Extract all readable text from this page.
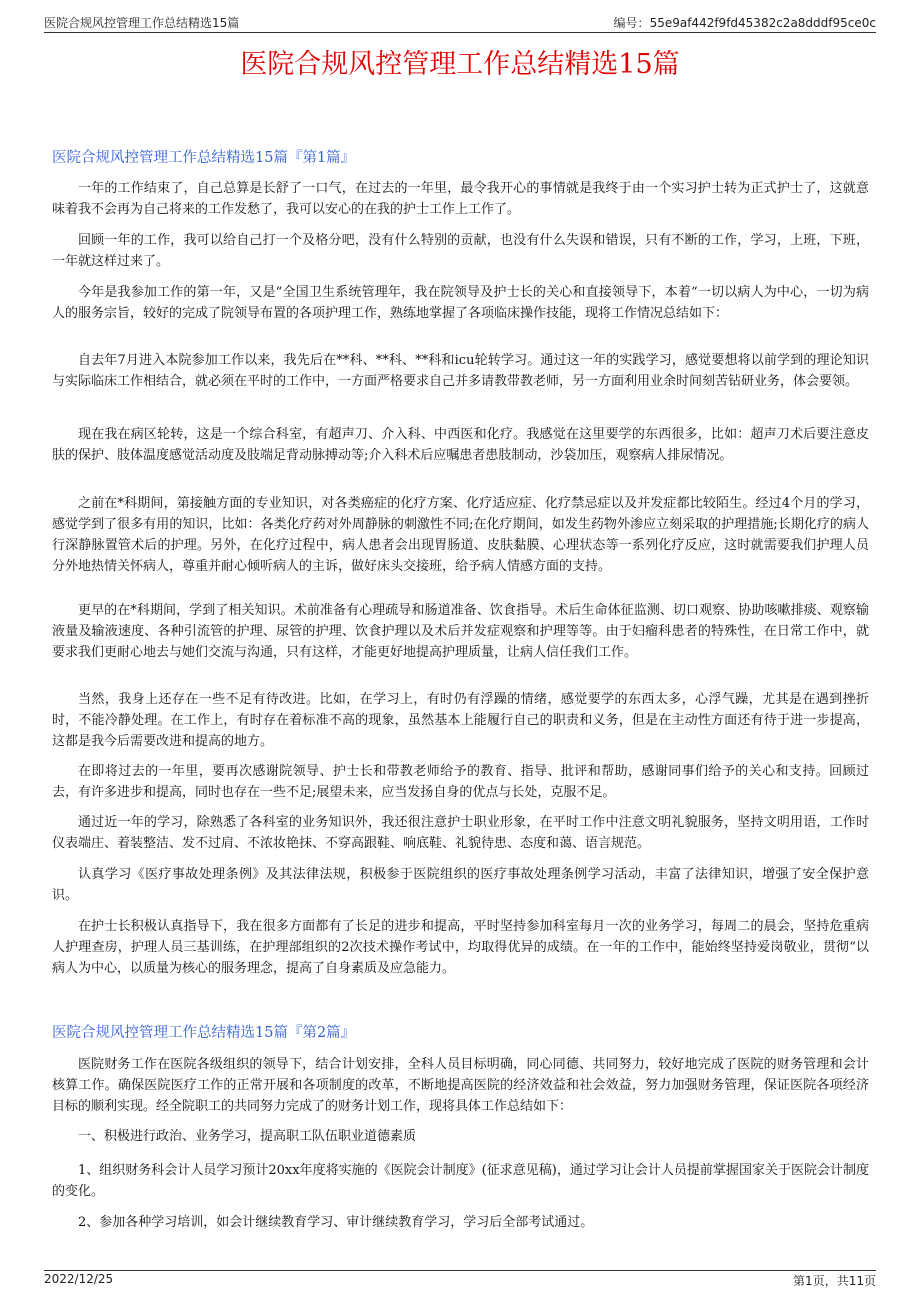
医院合规风控管理工作总结精选15篇	编号：55e9af442f9fd45382c2a8dddf95ce0c
医院合规风控管理工作总结精选15篇
医院合规风控管理工作总结精选15篇『第1篇』

一年的工作结束了，自己总算是长舒了一口气，在过去的一年里，最令我开心的事情就是我终于由一个实习护士转为正式护士了，这就意味着我不会再为自己将来的工作发愁了，我可以安心的在我的护士工作上工作了。

回顾一年的工作，我可以给自己打一个及格分吧，没有什么特别的贡献，也没有什么失误和错误，只有不断的工作，学习，上班，下班，一年就这样过来了。

今年是我参加工作的第一年，又是“全国卫生系统管理年，我在院领导及护士长的关心和直接领导下，本着“一切以病人为中心，一切为病人的服务宗旨，较好的完成了院领导布置的各项护理工作，熟练地掌握了各项临床操作技能，现将工作情况总结如下：

自去年7月进入本院参加工作以来，我先后在**科、**科、**科和icu轮转学习。通过这一年的实践学习，感觉要想将以前学到的理论知识与实际临床工作相结合，就必须在平时的工作中，一方面严格要求自己并多请教带教老师，另一方面利用业余时间刻苦钻研业务，体会要领。

现在我在病区轮转，这是一个综合科室，有超声刀、介入科、中西医和化疗。我感觉在这里要学的东西很多，比如：超声刀术后要注意皮肤的保护、肢体温度感觉活动度及肢端足背动脉搏动等;介入科术后应嘱患者患肢制动，沙袋加压，观察病人排尿情况。

之前在*科期间，第接触方面的专业知识，对各类癌症的化疗方案、化疗适应症、化疗禁忌症以及并发症都比较陌生。经过4个月的学习，感觉学到了很多有用的知识，比如：各类化疗药对外周静脉的刺激性不同;在化疗期间，如发生药物外渗应立刻采取的护理措施;长期化疗的病人行深静脉置管术后的护理。另外，在化疗过程中，病人患者会出现胃肠道、皮肤黏膜、心理状态等一系列化疗反应，这时就需要我们护理人员分外地热情关怀病人，尊重并耐心倾听病人的主诉，做好床头交接班，给予病人情感方面的支持。

更早的在*科期间，学到了相关知识。术前准备有心理疏导和肠道准备、饮食指导。术后生命体征监测、切口观察、协助咳嗽排痰、观察输液量及输液速度、各种引流管的护理、尿管的护理、饮食护理以及术后并发症观察和护理等等。由于妇瘤科患者的特殊性，在日常工作中，就要求我们更耐心地去与她们交流与沟通，只有这样，才能更好地提高护理质量，让病人信任我们工作。

当然，我身上还存在一些不足有待改进。比如，在学习上，有时仍有浮躁的情绪，感觉要学的东西太多，心浮气躁，尤其是在遇到挫折时，不能冷静处理。在工作上，有时存在着标准不高的现象，虽然基本上能履行自己的职责和义务，但是在主动性方面还有待于进一步提高，这都是我今后需要改进和提高的地方。

在即将过去的一年里，要再次感谢院领导、护士长和带教老师给予的教育、指导、批评和帮助，感谢同事们给予的关心和支持。回顾过去，有许多进步和提高，同时也存在一些不足;展望未来，应当发扬自身的优点与长处，克服不足。

通过近一年的学习，除熟悉了各科室的业务知识外，我还很注意护士职业形象，在平时工作中注意文明礼貌服务，坚持文明用语，工作时仪表端庄、着装整洁、发不过肩、不浓妆艳抹、不穿高跟鞋、响底鞋、礼貌待患、态度和蔼、语言规范。

认真学习《医疗事故处理条例》及其法律法规，积极参于医院组织的医疗事故处理条例学习活动，丰富了法律知识，增强了安全保护意识。

在护士长积极认真指导下，我在很多方面都有了长足的进步和提高，平时坚持参加科室每月一次的业务学习，每周二的晨会，坚持危重病人护理查房，护理人员三基训练，在护理部组织的2次技术操作考试中，均取得优异的成绩。在一年的工作中，能始终坚持爱岗敬业，贯彻“以病人为中心，以质量为核心的服务理念，提高了自身素质及应急能力。

医院合规风控管理工作总结精选15篇『第2篇』

医院财务工作在医院各级组织的领导下，结合计划安排，全科人员目标明确，同心同德、共同努力，较好地完成了医院的财务管理和会计核算工作。确保医院医疗工作的正常开展和各项制度的改革，不断地提高医院的经济效益和社会效益，努力加强财务管理，保证医院各项经济目标的顺利实现。经全院职工的共同努力完成了的财务计划工作，现将具体工作总结如下：

一、积极进行政治、业务学习，提高职工队伍职业道德素质

1、组织财务科会计人员学习预计20xx年度将实施的《医院会计制度》(征求意见稿)，通过学习让会计人员提前掌握国家关于医院会计制度的变化。

2、参加各种学习培训，如会计继续教育学习、审计继续教育学习，学习后全部考试通过。

2022/12/25	第1页，共11页
